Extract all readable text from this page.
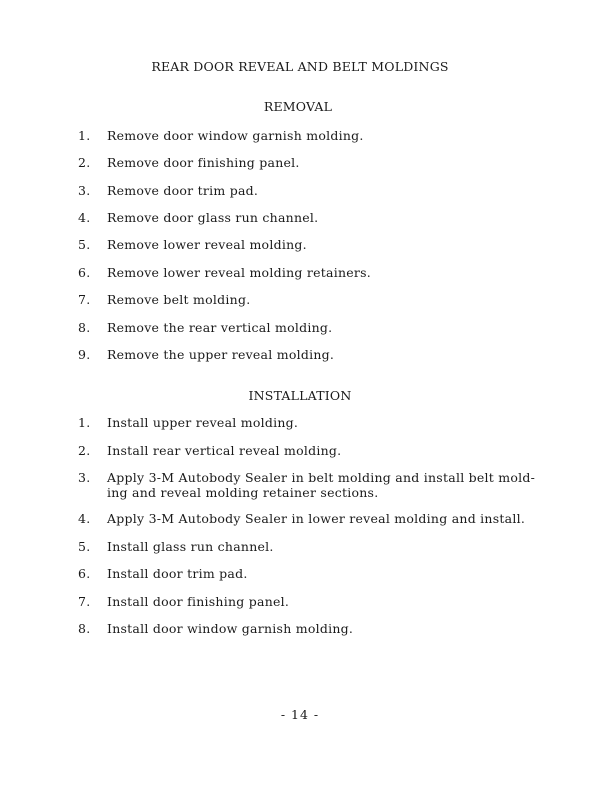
REAR DOOR REVEAL AND BELT MOLDINGS
REMOVAL
1.	Remove door window garnish molding.
2.	Remove door finishing panel.
3.	Remove door trim pad.
4.	Remove door glass run channel.
5.	Remove lower reveal molding.
6.	Remove lower reveal molding retainers.
7.	Remove belt molding.
8.	Remove the rear vertical molding.
9.	Remove the upper reveal molding.
INSTALLATION
1.	Install upper reveal molding.
2.	Install rear vertical reveal molding.
3.	Apply 3-M Autobody Sealer in belt molding and install belt mold-
ing and reveal molding retainer sections.
4.	Apply 3-M Autobody Sealer in lower reveal molding and install.
5.	Install glass run channel.
6.	Install door trim pad.
7.	Install door finishing panel.
8.	Install door window garnish molding.
- 14 -
